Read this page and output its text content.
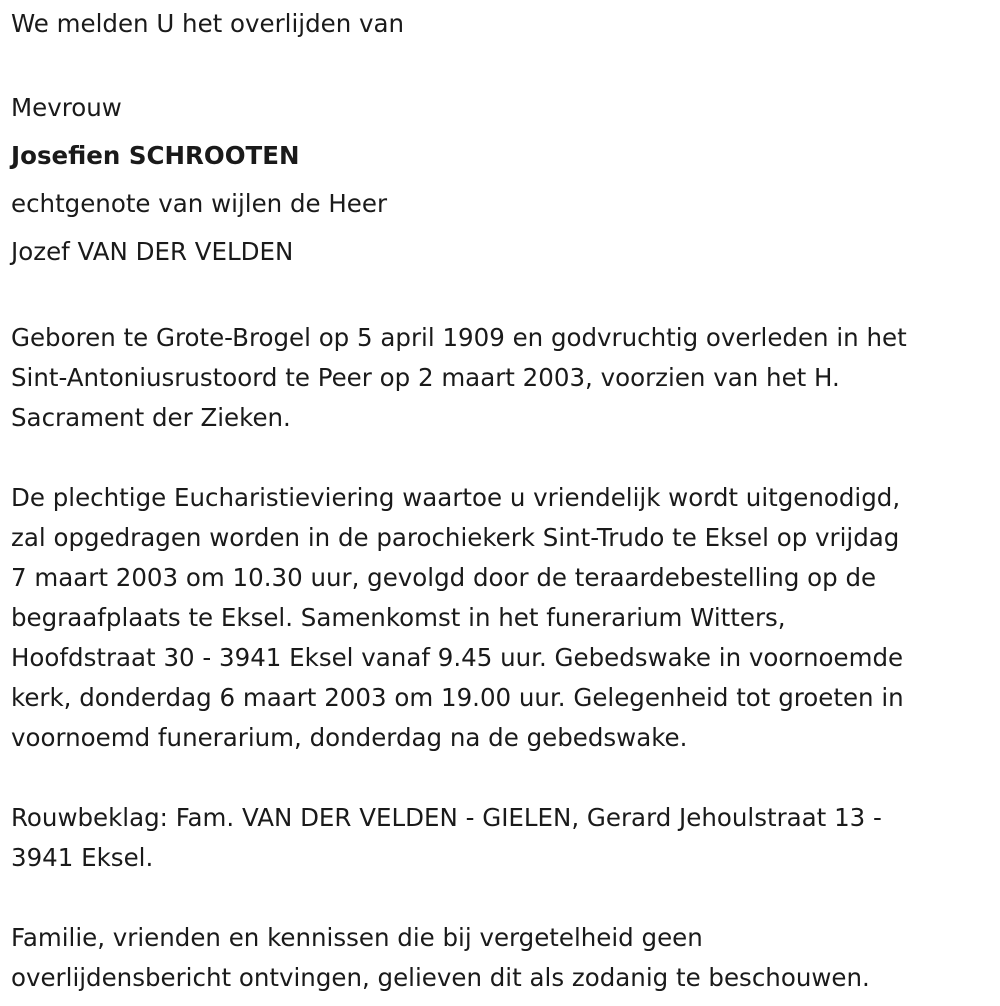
We melden U het overlijden van

Mevrouw

Josefien SCHROOTEN

echtgenote van wijlen de Heer

Jozef VAN DER VELDEN

Geboren te Grote-Brogel op 5 april 1909 en godvruchtig overleden in het

Sint-Antoniusrustoord te Peer op 2 maart 2003, voorzien van het H.

Sacrament der Zieken.

De plechtige Eucharistieviering waartoe u vriendelijk wordt uitgenodigd,

zal opgedragen worden in de parochiekerk Sint-Trudo te Eksel op vrijdag

7 maart 2003 om 10.30 uur, gevolgd door de teraardebestelling op de

begraafplaats te Eksel. Samenkomst in het funerarium Witters,

Hoofdstraat 30 - 3941 Eksel vanaf 9.45 uur. Gebedswake in voornoemde

kerk, donderdag 6 maart 2003 om 19.00 uur. Gelegenheid tot groeten in

voornoemd funerarium, donderdag na de gebedswake.

Rouwbeklag: Fam. VAN DER VELDEN - GIELEN, Gerard Jehoulstraat 13 -

3941 Eksel.

Familie, vrienden en kennissen die bij vergetelheid geen

overlijdensbericht ontvingen, gelieven dit als zodanig te beschouwen.
